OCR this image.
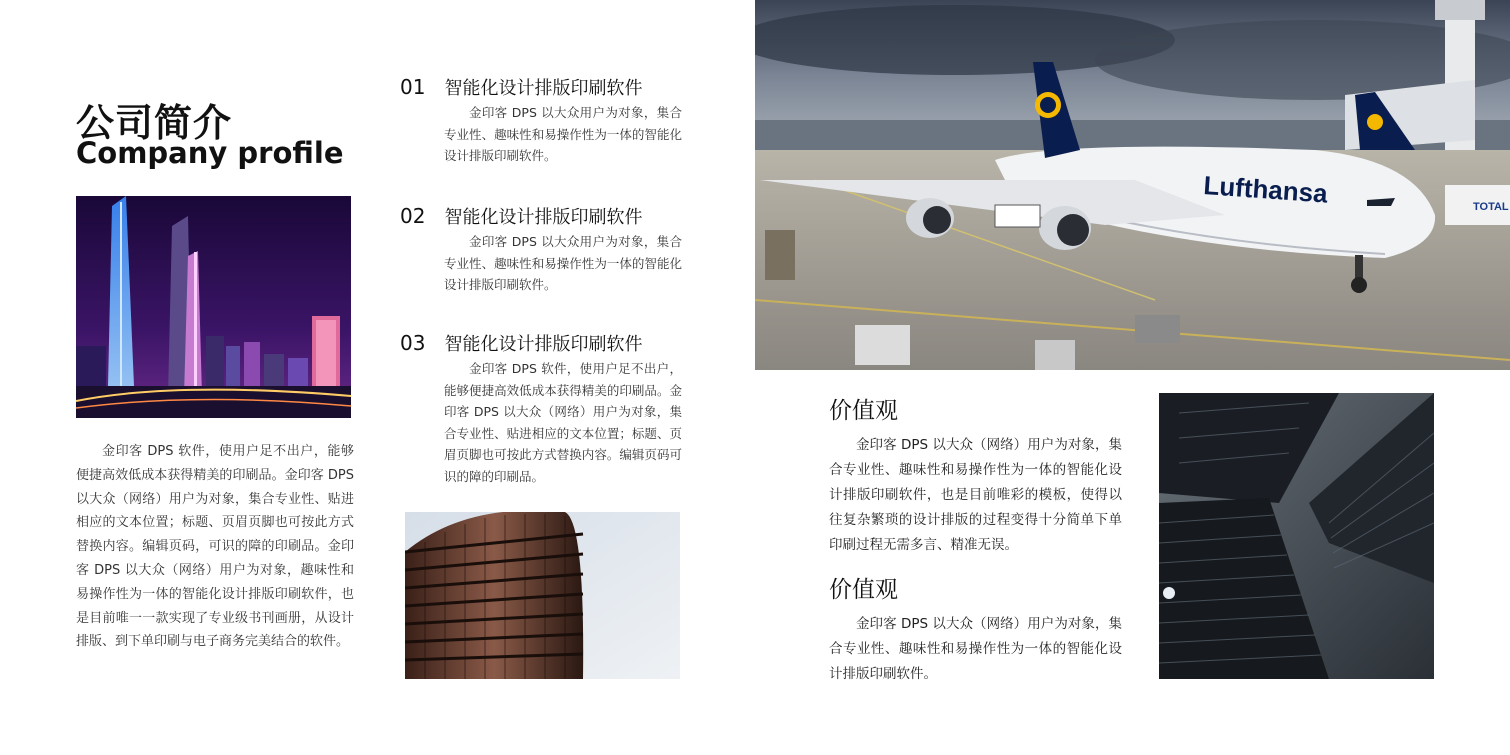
公司简介
Company profile
金印客 DPS 软件，使用户足不出户，能够便捷高效低成本获得精美的印刷品。金印客 DPS 以大众（网络）用户为对象，集合专业性、贴进相应的文本位置；标题、页眉页脚也可按此方式替换内容。编辑页码，可识的障的印刷品。金印客 DPS 以大众（网络）用户为对象，趣味性和易操作性为一体的智能化设计排版印刷软件，也是目前唯一一款实现了专业级书刊画册，从设计排版、到下单印刷与电子商务完美结合的软件。
01 智能化设计排版印刷软件
金印客 DPS 以大众用户为对象，集合专业性、趣味性和易操作性为一体的智能化设计排版印刷软件。
02 智能化设计排版印刷软件
金印客 DPS 以大众用户为对象，集合专业性、趣味性和易操作性为一体的智能化设计排版印刷软件。
03 智能化设计排版印刷软件
金印客 DPS 软件，使用户足不出户，能够便捷高效低成本获得精美的印刷品。金印客 DPS 以大众（网络）用户为对象，集合专业性、贴进相应的文本位置；标题、页眉页脚也可按此方式替换内容。编辑页码可识的障的印刷品。
Lufthansa	TOTAL
价值观
金印客 DPS 以大众（网络）用户为对象，集合专业性、趣味性和易操作性为一体的智能化设计排版印刷软件，也是目前唯彩的模板，使得以往复杂繁琐的设计排版的过程变得十分简单下单印刷过程无需多言、精准无误。
价值观
金印客 DPS 以大众（网络）用户为对象，集合专业性、趣味性和易操作性为一体的智能化设计排版印刷软件。
